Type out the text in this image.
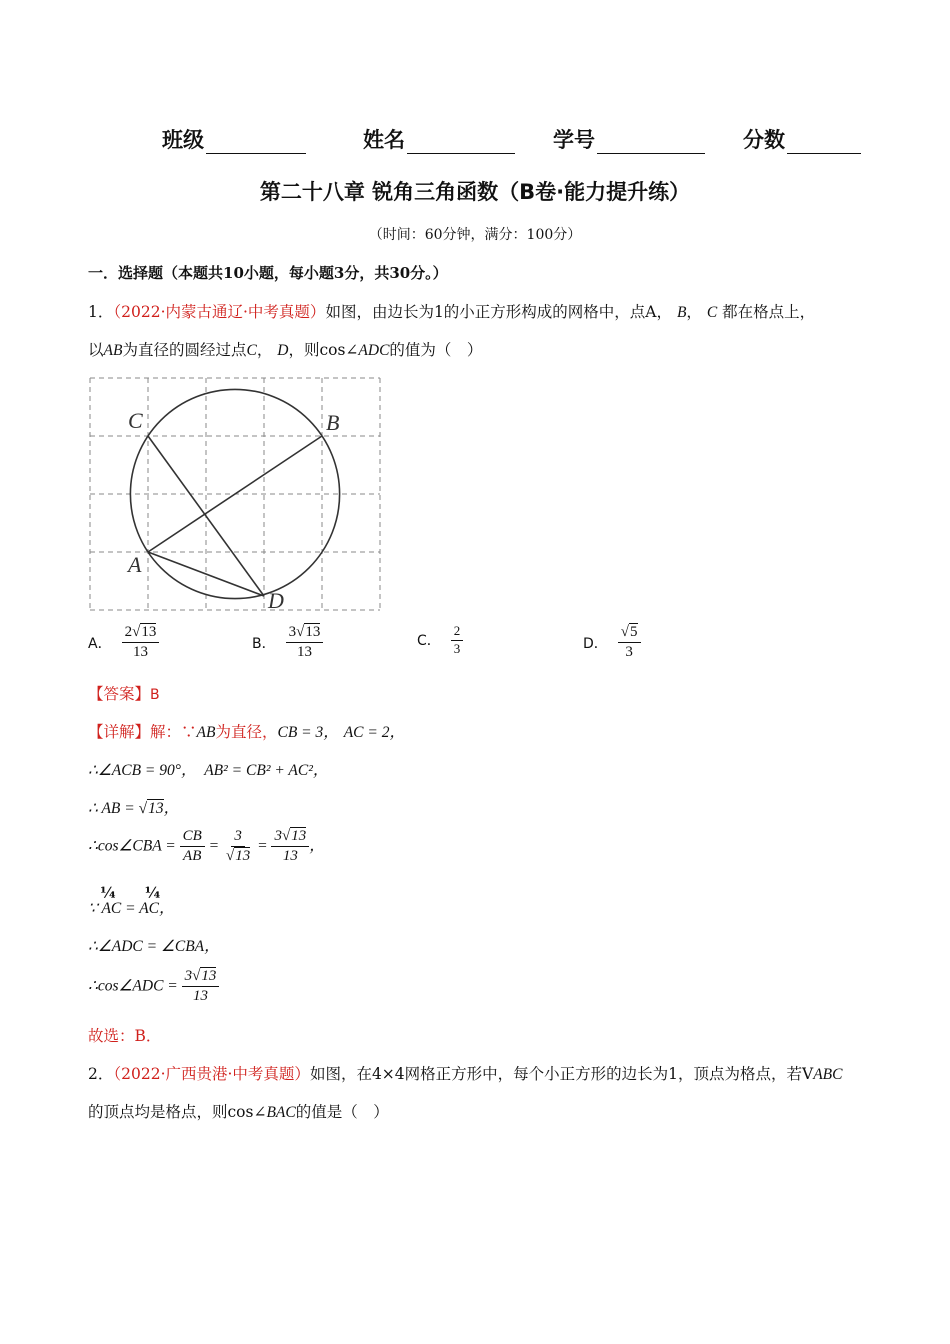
班级	姓名	学号	分数
第二十八章 锐角三角函数（B卷·能力提升练）
（时间：60分钟，满分：100分）
一．选择题（本题共10小题，每小题3分，共30分。）
1．（2022·内蒙古通辽·中考真题）如图，由边长为1的小正方形构成的网格中，点A， B， C 都在格点上，
以AB为直径的圆经过点C， D，则cos∠ADC的值为（　）
C	B
A
D
A． $\frac{2√13}{13}$	B． $\frac{3√13}{13}$	C． $\frac{2}{3}$	D． $\frac{√5}{3}$
【答案】B
【详解】解：∵AB为直径，CB = 3， AC = 2，
∴∠ACB = 90°，　 AB² = CB² + AC²，
∴ AB = √13，
∴cos∠CBA = $\frac{CB}{AB} = \frac{3}{√13} = \frac{3√13}{13}$ ，
¼　 ¼
∵ AC = AC，
∴∠ADC = ∠CBA，
∴cos∠ADC = $\frac{3√13}{13}$
故选：B．
2．（2022·广西贵港·中考真题）如图，在4×4网格正方形中，每个小正方形的边长为1，顶点为格点，若VABC
的顶点均是格点，则cos∠BAC的值是（　）
